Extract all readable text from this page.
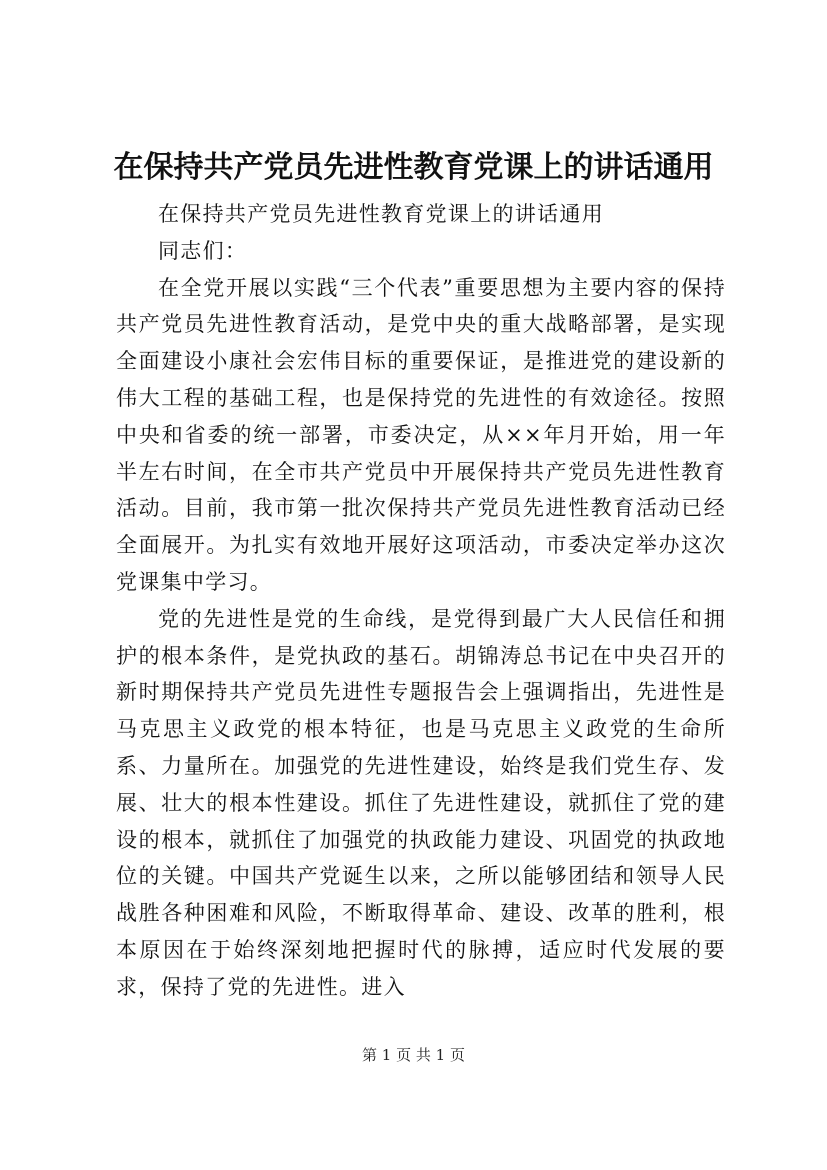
在保持共产党员先进性教育党课上的讲话通用

在保持共产党员先进性教育党课上的讲话通用

同志们：

在全党开展以实践“三个代表”重要思想为主要内容的保持共产党员先进性教育活动，是党中央的重大战略部署，是实现全面建设小康社会宏伟目标的重要保证，是推进党的建设新的伟大工程的基础工程，也是保持党的先进性的有效途径。按照中央和省委的统一部署，市委决定，从××年月开始，用一年半左右时间，在全市共产党员中开展保持共产党员先进性教育活动。目前，我市第一批次保持共产党员先进性教育活动已经全面展开。为扎实有效地开展好这项活动，市委决定举办这次党课集中学习。

党的先进性是党的生命线，是党得到最广大人民信任和拥护的根本条件，是党执政的基石。胡锦涛总书记在中央召开的新时期保持共产党员先进性专题报告会上强调指出，先进性是马克思主义政党的根本特征，也是马克思主义政党的生命所系、力量所在。加强党的先进性建设，始终是我们党生存、发展、壮大的根本性建设。抓住了先进性建设，就抓住了党的建设的根本，就抓住了加强党的执政能力建设、巩固党的执政地位的关键。中国共产党诞生以来，之所以能够团结和领导人民战胜各种困难和风险，不断取得革命、建设、改革的胜利，根本原因在于始终深刻地把握时代的脉搏，适应时代发展的要求，保持了党的先进性。进入

第 1 页 共 1 页
